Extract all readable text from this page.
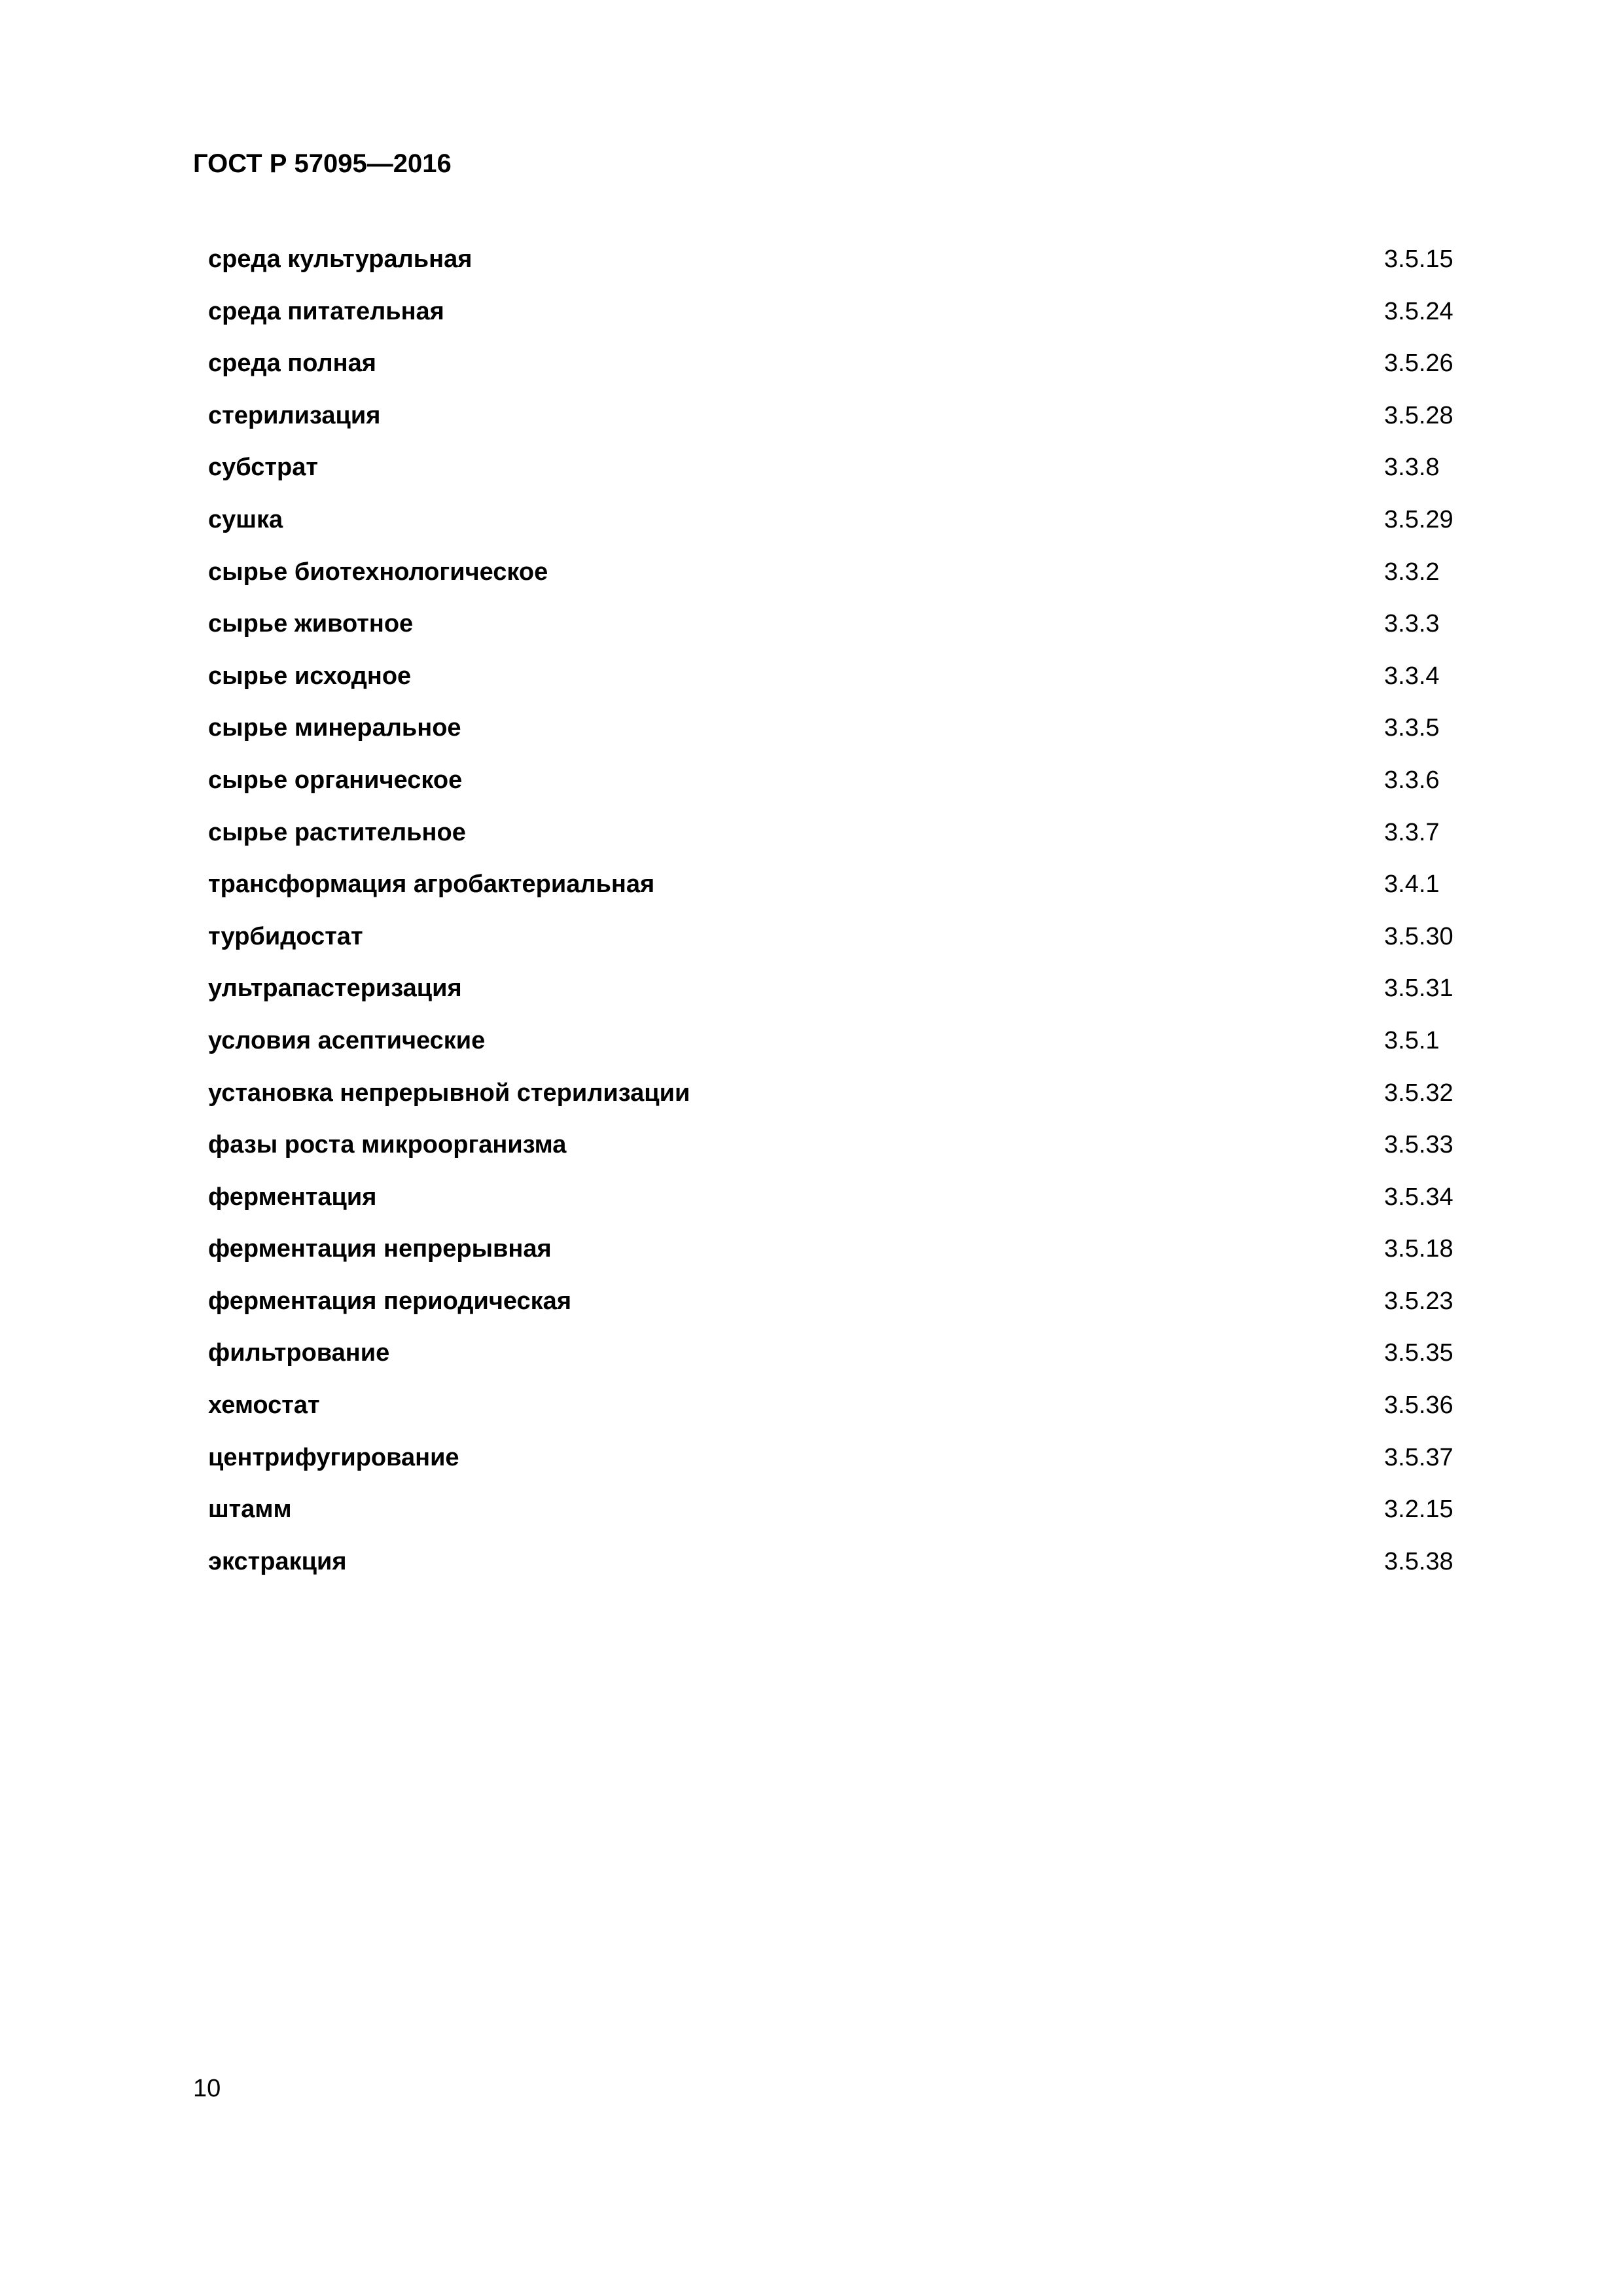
ГОСТ Р 57095—2016
среда культуральная	3.5.15
среда питательная	3.5.24
среда полная	3.5.26
стерилизация	3.5.28
субстрат	3.3.8
сушка	3.5.29
сырье биотехнологическое	3.3.2
сырье животное	3.3.3
сырье исходное	3.3.4
сырье минеральное	3.3.5
сырье органическое	3.3.6
сырье растительное	3.3.7
трансформация агробактериальная	3.4.1
турбидостат	3.5.30
ультрапастеризация	3.5.31
условия асептические	3.5.1
установка непрерывной стерилизации	3.5.32
фазы роста микроорганизма	3.5.33
ферментация	3.5.34
ферментация непрерывная	3.5.18
ферментация периодическая	3.5.23
фильтрование	3.5.35
хемостат	3.5.36
центрифугирование	3.5.37
штамм	3.2.15
экстракция	3.5.38
10
